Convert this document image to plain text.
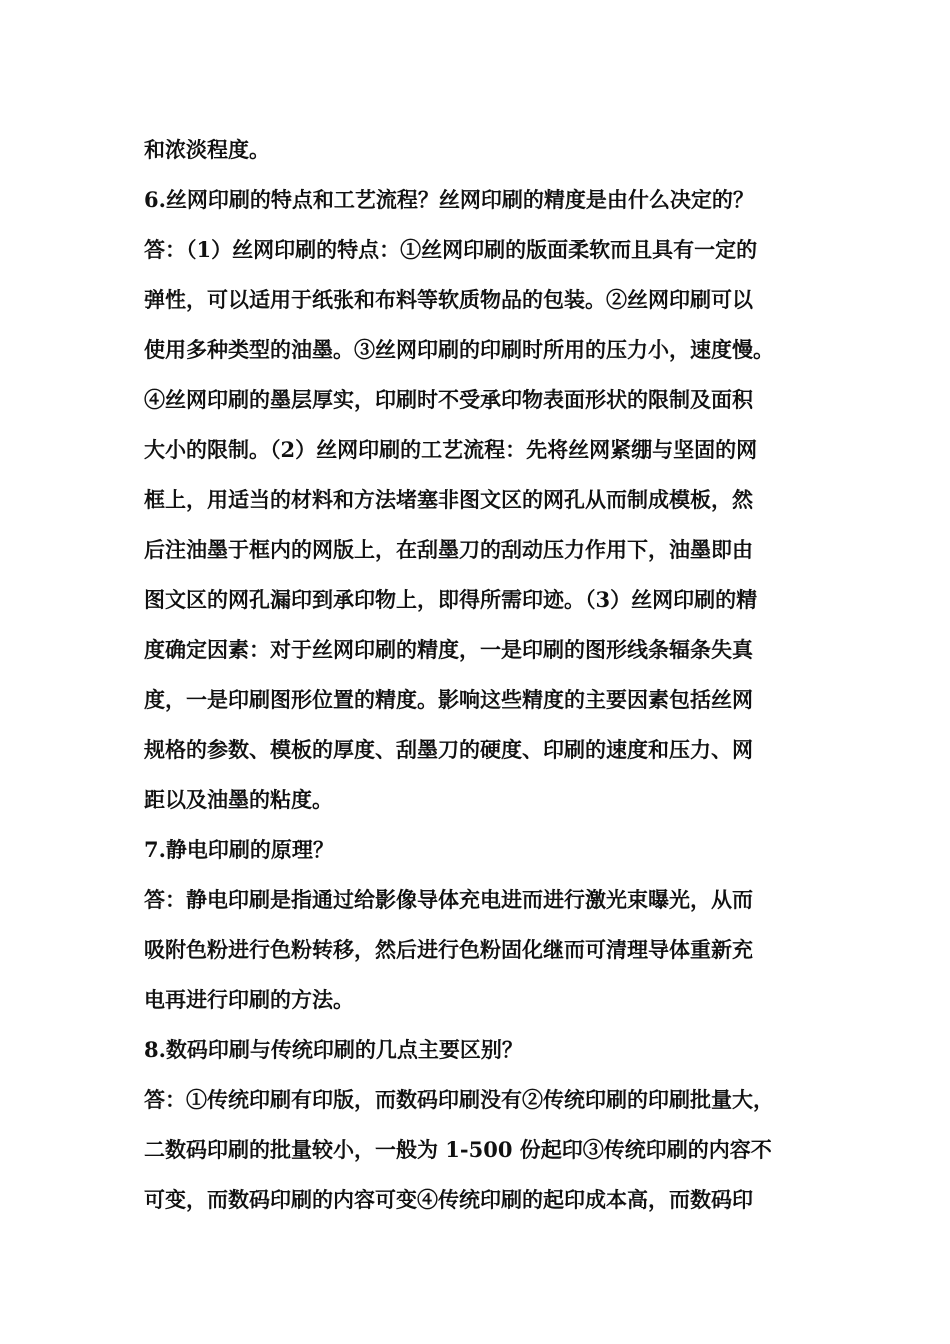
和浓淡程度。
6.丝网印刷的特点和工艺流程？丝网印刷的精度是由什么决定的？
答：（1）丝网印刷的特点：①丝网印刷的版面柔软而且具有一定的
弹性，可以适用于纸张和布料等软质物品的包装。②丝网印刷可以
使用多种类型的油墨。③丝网印刷的印刷时所用的压力小，速度慢。
④丝网印刷的墨层厚实，印刷时不受承印物表面形状的限制及面积
大小的限制。（2）丝网印刷的工艺流程：先将丝网紧绷与坚固的网
框上，用适当的材料和方法堵塞非图文区的网孔从而制成模板，然
后注油墨于框内的网版上，在刮墨刀的刮动压力作用下，油墨即由
图文区的网孔漏印到承印物上，即得所需印迹。（3）丝网印刷的精
度确定因素：对于丝网印刷的精度，一是印刷的图形线条辐条失真
度，一是印刷图形位置的精度。影响这些精度的主要因素包括丝网
规格的参数、模板的厚度、刮墨刀的硬度、印刷的速度和压力、网
距以及油墨的粘度。
7.静电印刷的原理？
答：静电印刷是指通过给影像导体充电进而进行激光束曝光，从而
吸附色粉进行色粉转移，然后进行色粉固化继而可清理导体重新充
电再进行印刷的方法。
8.数码印刷与传统印刷的几点主要区别？
答：①传统印刷有印版，而数码印刷没有②传统印刷的印刷批量大，
二数码印刷的批量较小，一般为 1-500 份起印③传统印刷的内容不
可变，而数码印刷的内容可变④传统印刷的起印成本高，而数码印
